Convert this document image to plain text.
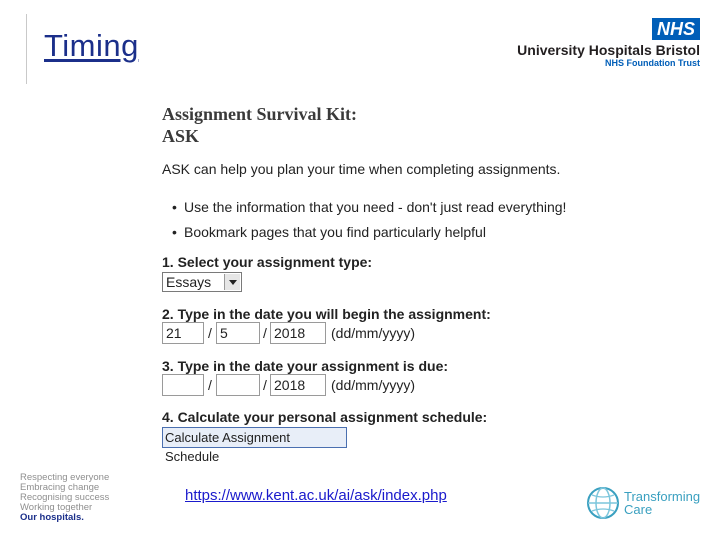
Timing	NHS
University Hospitals Bristol
NHS Foundation Trust
Assignment Survival Kit:
ASK
ASK can help you plan your time when completing assignments.
• Use the information that you need - don't just read everything!
• Bookmark pages that you find particularly helpful
1. Select your assignment type:
Essays
2. Type in the date you will begin the assignment:
21	/ 5	/ 2018	(dd/mm/yyyy)
3. Type in the date your assignment is due:
/	/ 2018	(dd/mm/yyyy)
4. Calculate your personal assignment schedule:
Calculate Assignment Schedule
https://www.kent.ac.uk/ai/ask/index.php
Respecting everyone
Embracing change
Recognising success
Working together
Our hospitals.
Transforming
Care
